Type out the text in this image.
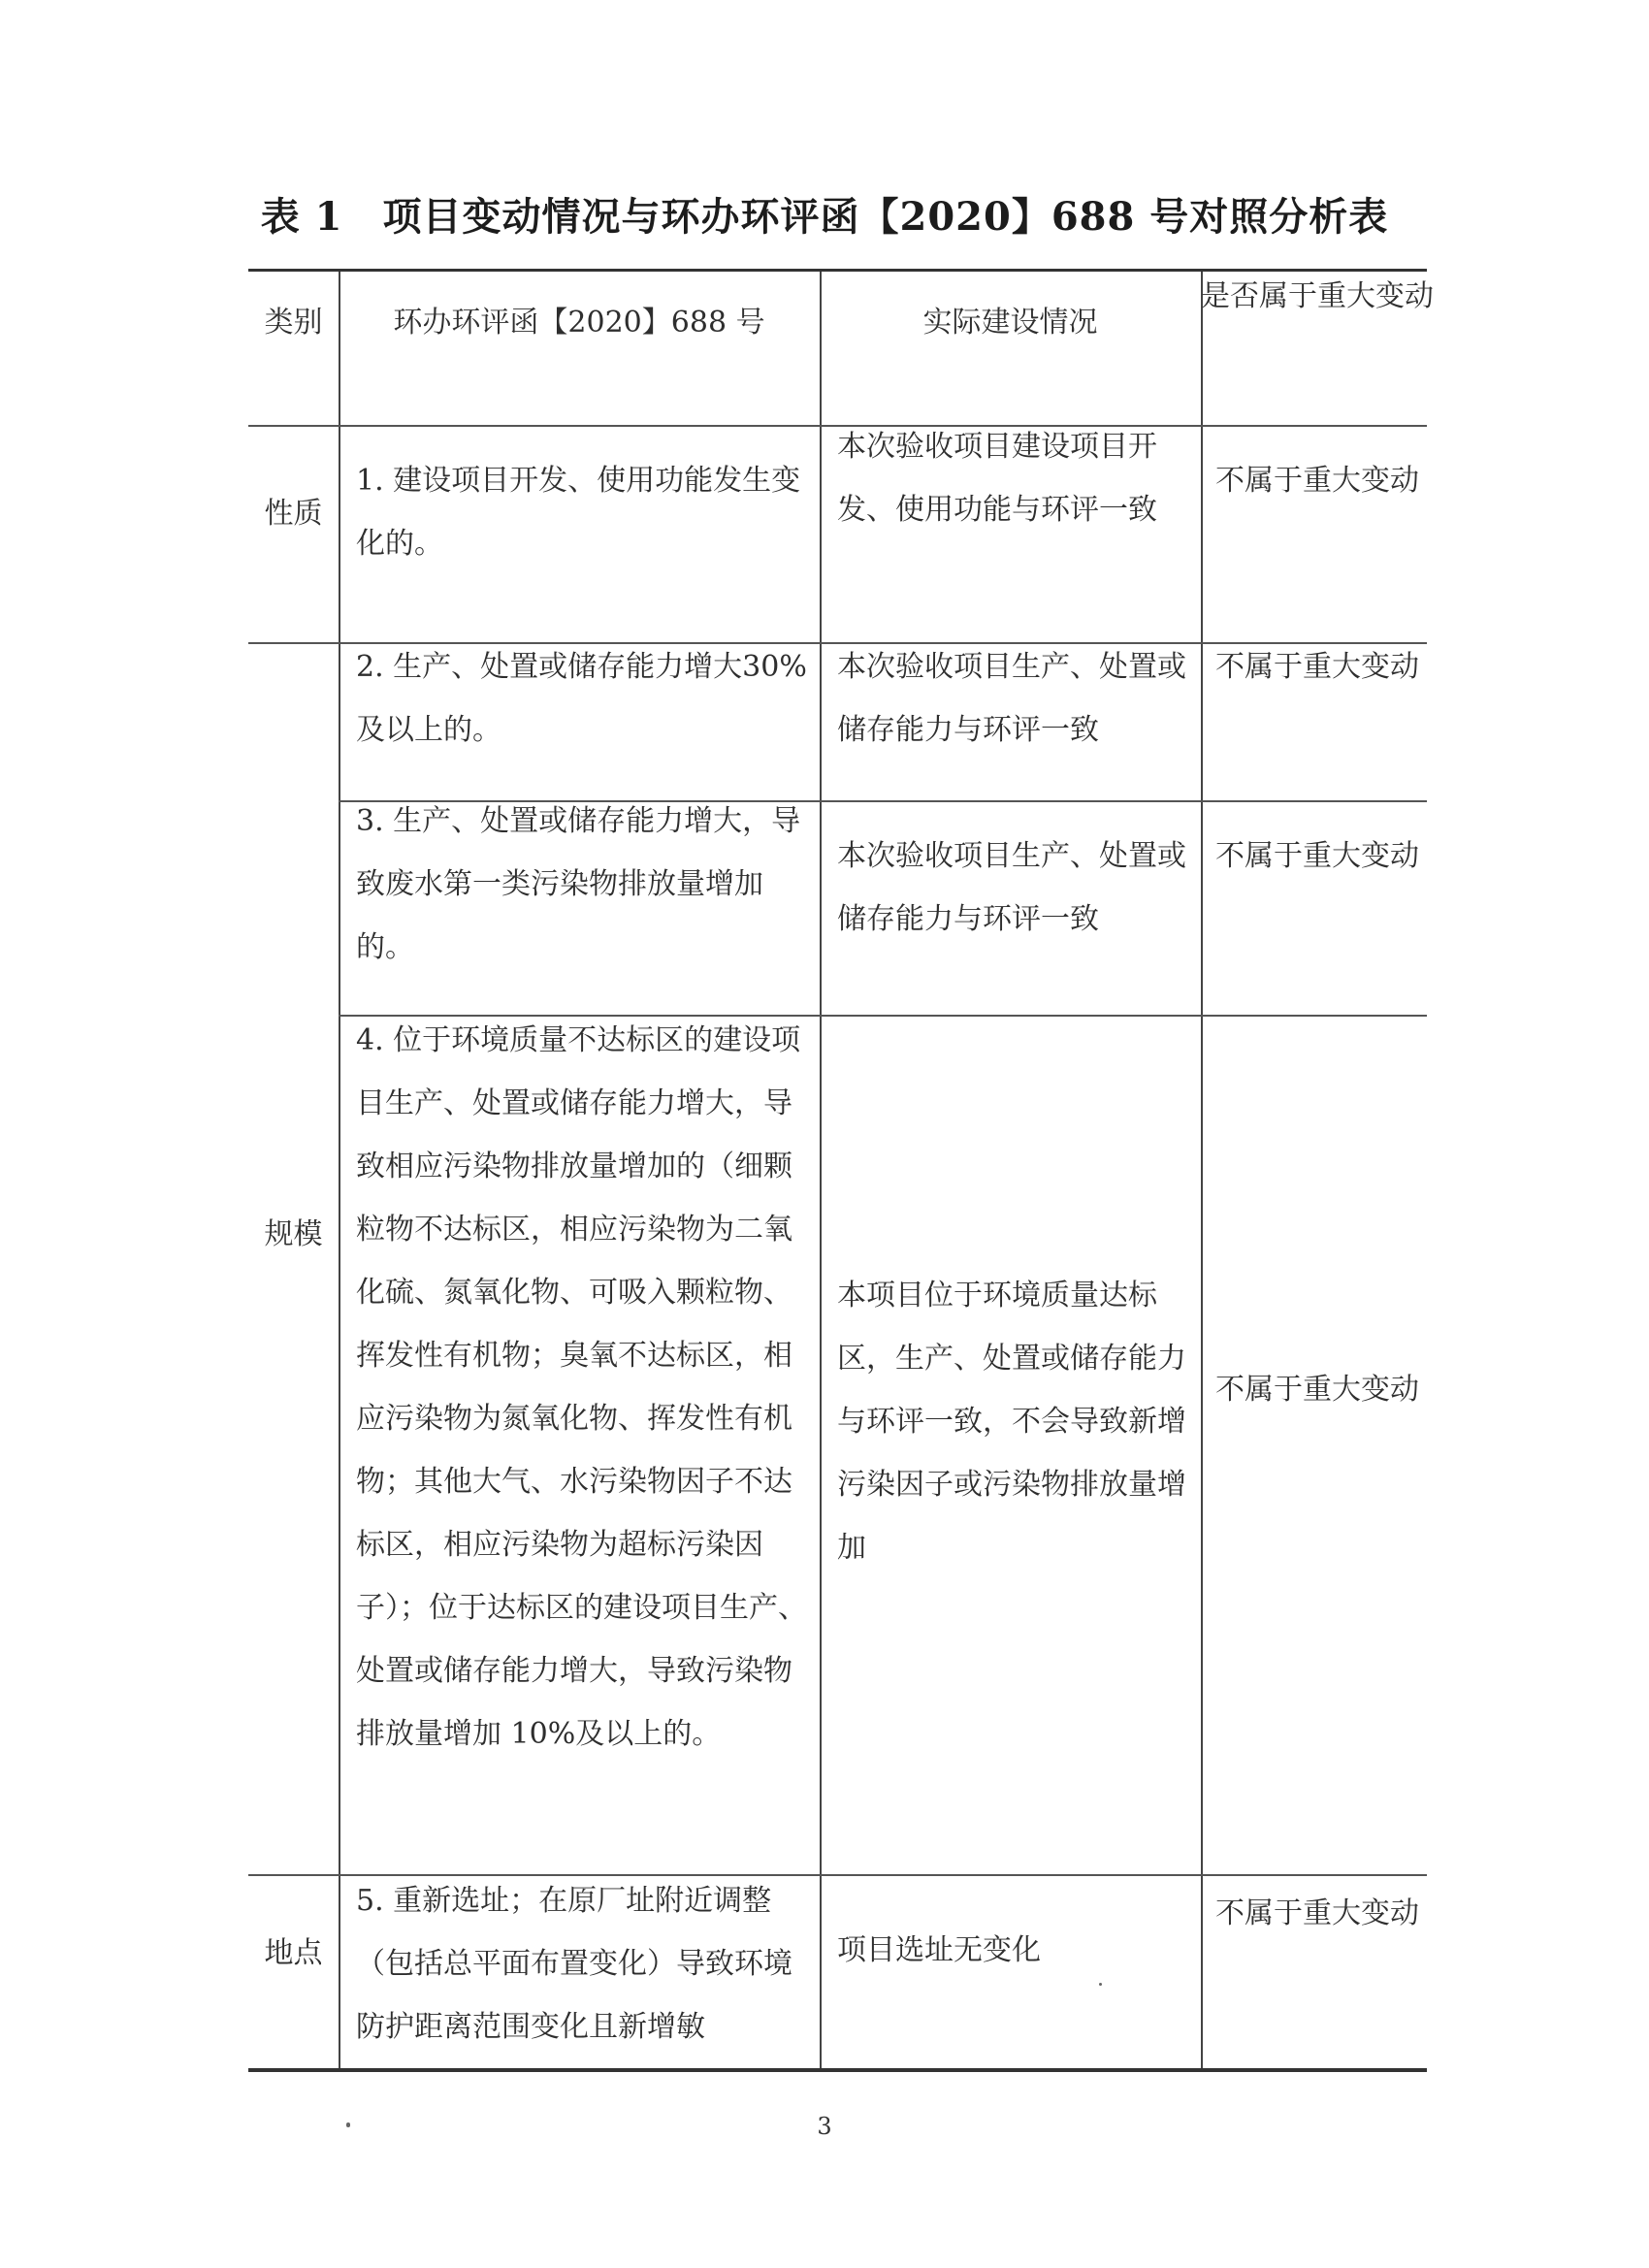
表 1　项目变动情况与环办环评函【2020】688 号对照分析表
类别	环办环评函【2020】688 号	实际建设情况
是否属于重大变动
性质
规模
地点
1. 建设项目开发、使用功能发生变化的。
本次验收项目建设项目开发、使用功能与环评一致
不属于重大变动
2. 生产、处置或储存能力增大30%及以上的。
本次验收项目生产、处置或储存能力与环评一致
不属于重大变动
3. 生产、处置或储存能力增大，导致废水第一类污染物排放量增加的。
本次验收项目生产、处置或储存能力与环评一致
不属于重大变动
4. 位于环境质量不达标区的建设项目生产、处置或储存能力增大，导致相应污染物排放量增加的（细颗粒物不达标区，相应污染物为二氧化硫、氮氧化物、可吸入颗粒物、挥发性有机物；臭氧不达标区，相应污染物为氮氧化物、挥发性有机物；其他大气、水污染物因子不达标区，相应污染物为超标污染因子）；位于达标区的建设项目生产、处置或储存能力增大，导致污染物排放量增加 10%及以上的。
本项目位于环境质量达标区，生产、处置或储存能力与环评一致，不会导致新增污染因子或污染物排放量增加
不属于重大变动
5. 重新选址；在原厂址附近调整（包括总平面布置变化）导致环境防护距离范围变化且新增敏
项目选址无变化
不属于重大变动
3
